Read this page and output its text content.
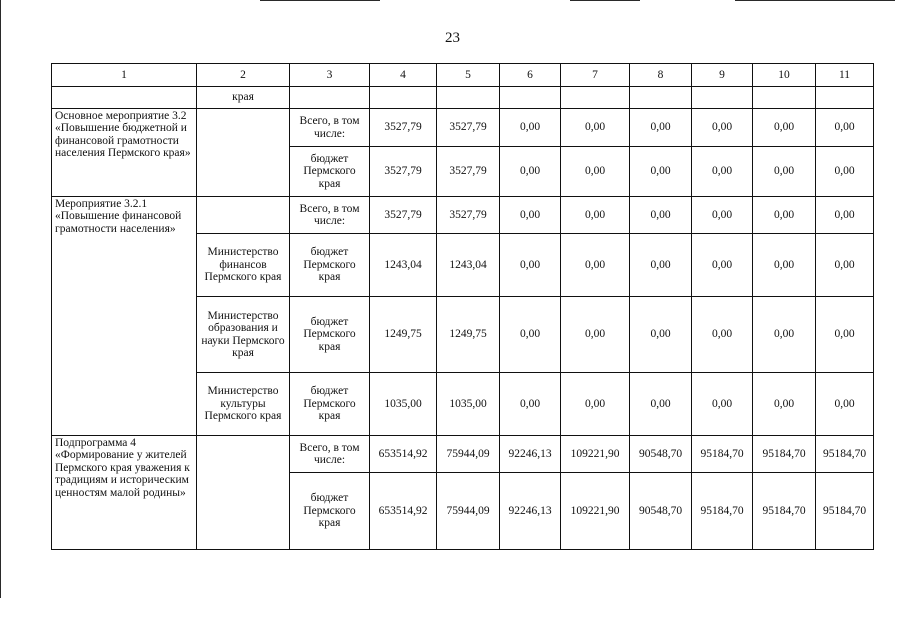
23
1	2	3	4	5	6	7	8	9	10	11
	края									
Основное мероприятие 3.2 «Повышение бюджетной и финансовой грамотности населения Пермского края»		Всего, в том числе:	3527,79	3527,79	0,00	0,00	0,00	0,00	0,00	0,00
		бюджет Пермского края	3527,79	3527,79	0,00	0,00	0,00	0,00	0,00	0,00
Мероприятие 3.2.1 «Повышение финансовой грамотности населения»		Всего, в том числе:	3527,79	3527,79	0,00	0,00	0,00	0,00	0,00	0,00
	Министерство финансов Пермского края	бюджет Пермского края	1243,04	1243,04	0,00	0,00	0,00	0,00	0,00	0,00
	Министерство образования и науки Пермского края	бюджет Пермского края	1249,75	1249,75	0,00	0,00	0,00	0,00	0,00	0,00
	Министерство культуры Пермского края	бюджет Пермского края	1035,00	1035,00	0,00	0,00	0,00	0,00	0,00	0,00
Подпрограмма 4 «Формирование у жителей Пермского края уважения к традициям и историческим ценностям малой родины»		Всего, в том числе:	653514,92	75944,09	92246,13	109221,90	90548,70	95184,70	95184,70	95184,70
		бюджет Пермского края	653514,92	75944,09	92246,13	109221,90	90548,70	95184,70	95184,70	95184,70
